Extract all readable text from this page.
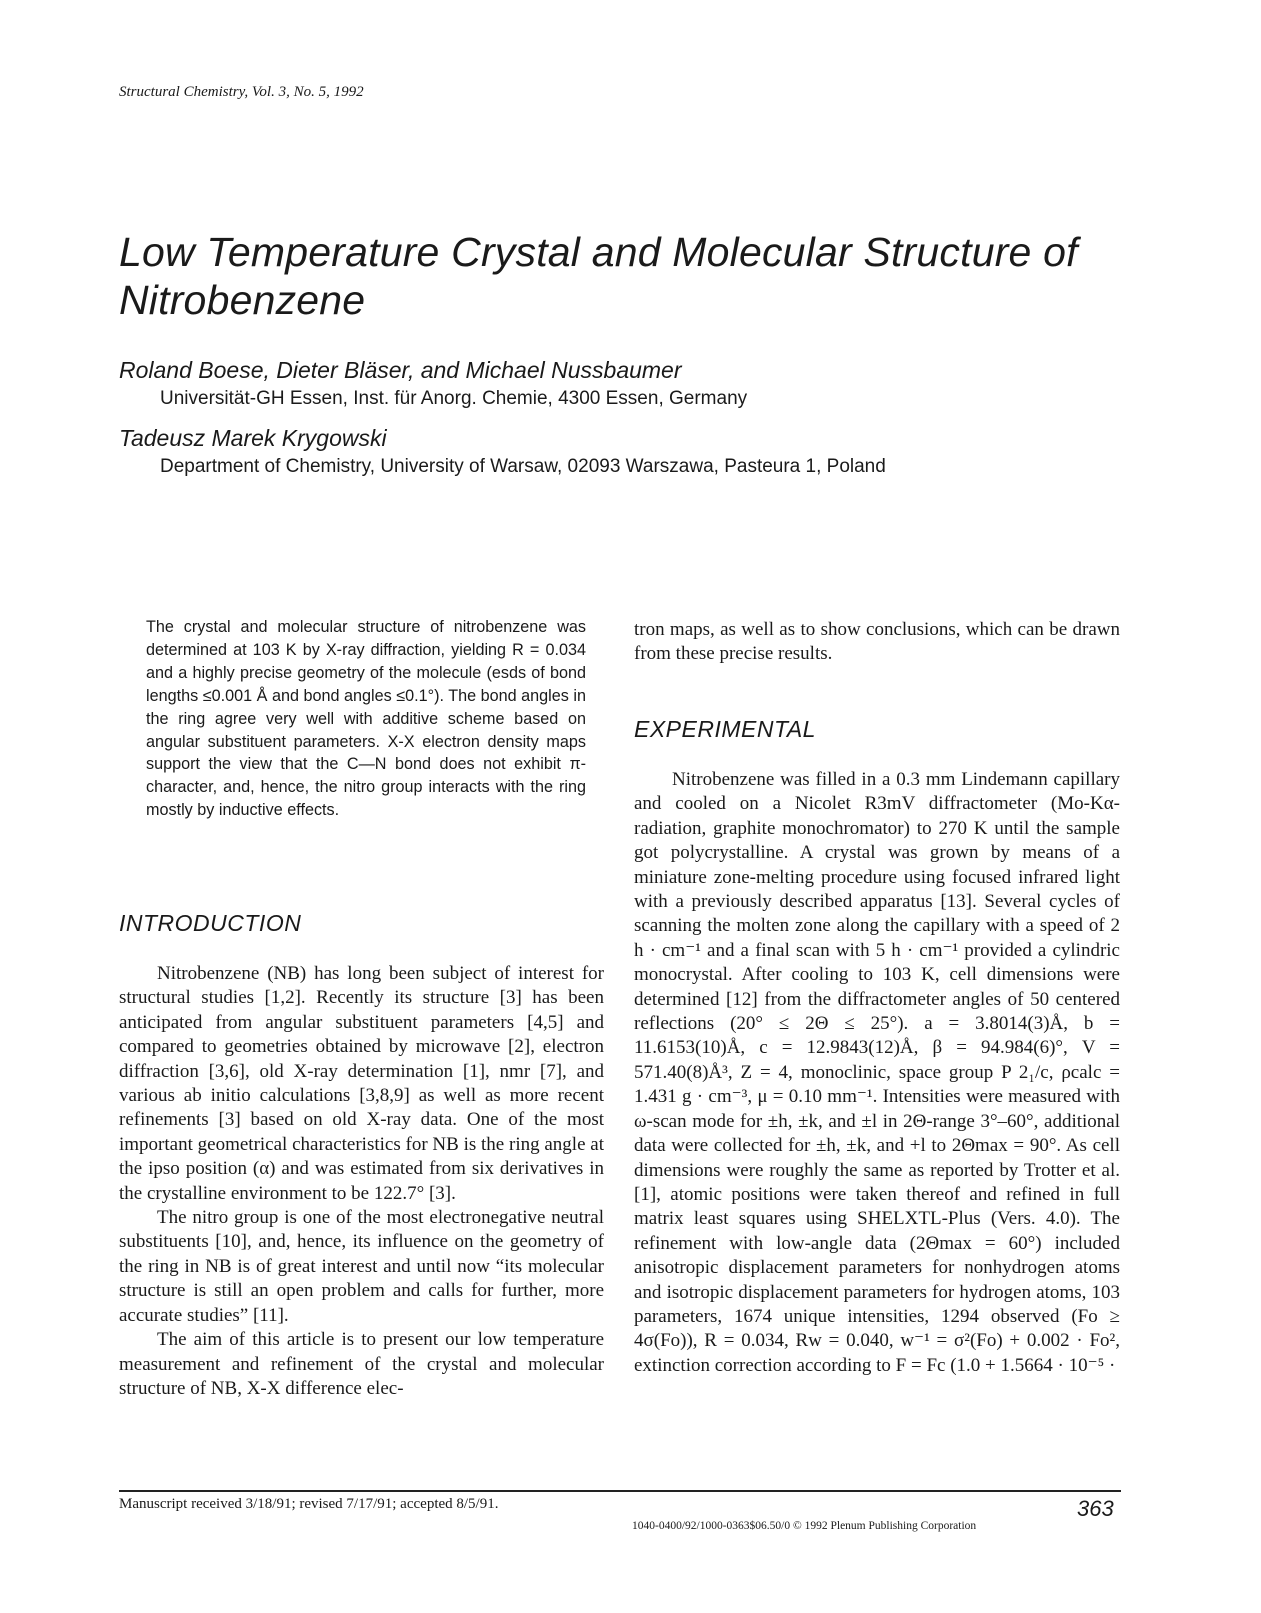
Structural Chemistry, Vol. 3, No. 5, 1992
Low Temperature Crystal and Molecular Structure of Nitrobenzene
Roland Boese, Dieter Bläser, and Michael Nussbaumer
Universität-GH Essen, Inst. für Anorg. Chemie, 4300 Essen, Germany
Tadeusz Marek Krygowski
Department of Chemistry, University of Warsaw, 02093 Warszawa, Pasteura 1, Poland

The crystal and molecular structure of nitrobenzene was determined at 103 K by X-ray diffraction, yielding R = 0.034 and a highly precise geometry of the molecule (esds of bond lengths ≤0.001 Å and bond angles ≤0.1°). The bond angles in the ring agree very well with additive scheme based on angular substituent parameters. X-X electron density maps support the view that the C—N bond does not exhibit π-character, and, hence, the nitro group interacts with the ring mostly by inductive effects.

INTRODUCTION

Nitrobenzene (NB) has long been subject of interest for structural studies [1,2]. Recently its structure [3] has been anticipated from angular substituent parameters [4,5] and compared to geometries obtained by microwave [2], electron diffraction [3,6], old X-ray determination [1], nmr [7], and various ab initio calculations [3,8,9] as well as more recent refinements [3] based on old X-ray data. One of the most important geometrical characteristics for NB is the ring angle at the ipso position (α) and was estimated from six derivatives in the crystalline environment to be 122.7° [3].

The nitro group is one of the most electronegative neutral substituents [10], and, hence, its influence on the geometry of the ring in NB is of great interest and until now “its molecular structure is still an open problem and calls for further, more accurate studies” [11].

The aim of this article is to present our low temperature measurement and refinement of the crystal and molecular structure of NB, X-X difference elec-

tron maps, as well as to show conclusions, which can be drawn from these precise results.

EXPERIMENTAL

Nitrobenzene was filled in a 0.3 mm Lindemann capillary and cooled on a Nicolet R3mV diffractometer (Mo-Kα-radiation, graphite monochromator) to 270 K until the sample got polycrystalline. A crystal was grown by means of a miniature zone-melting procedure using focused infrared light with a previously described apparatus [13]. Several cycles of scanning the molten zone along the capillary with a speed of 2 h · cm⁻¹ and a final scan with 5 h · cm⁻¹ provided a cylindric monocrystal. After cooling to 103 K, cell dimensions were determined [12] from the diffractometer angles of 50 centered reflections (20° ≤ 2Θ ≤ 25°). a = 3.8014(3)Å, b = 11.6153(10)Å, c = 12.9843(12)Å, β = 94.984(6)°, V = 571.40(8)Å³, Z = 4, monoclinic, space group P 2₁/c, ρcalc = 1.431 g · cm⁻³, μ = 0.10 mm⁻¹. Intensities were measured with ω-scan mode for ±h, ±k, and ±l in 2Θ-range 3°–60°, additional data were collected for ±h, ±k, and +l to 2Θmax = 90°. As cell dimensions were roughly the same as reported by Trotter et al. [1], atomic positions were taken thereof and refined in full matrix least squares using SHELXTL-Plus (Vers. 4.0). The refinement with low-angle data (2Θmax = 60°) included anisotropic displacement parameters for nonhydrogen atoms and isotropic displacement parameters for hydrogen atoms, 103 parameters, 1674 unique intensities, 1294 observed (Fo ≥ 4σ(Fo)), R = 0.034, Rw = 0.040, w⁻¹ = σ²(Fo) + 0.002 · Fo², extinction correction according to F = Fc (1.0 + 1.5664 · 10⁻⁵ ·

Manuscript received 3/18/91; revised 7/17/91; accepted 8/5/91.	363
1040-0400/92/1000-0363$06.50/0 © 1992 Plenum Publishing Corporation
